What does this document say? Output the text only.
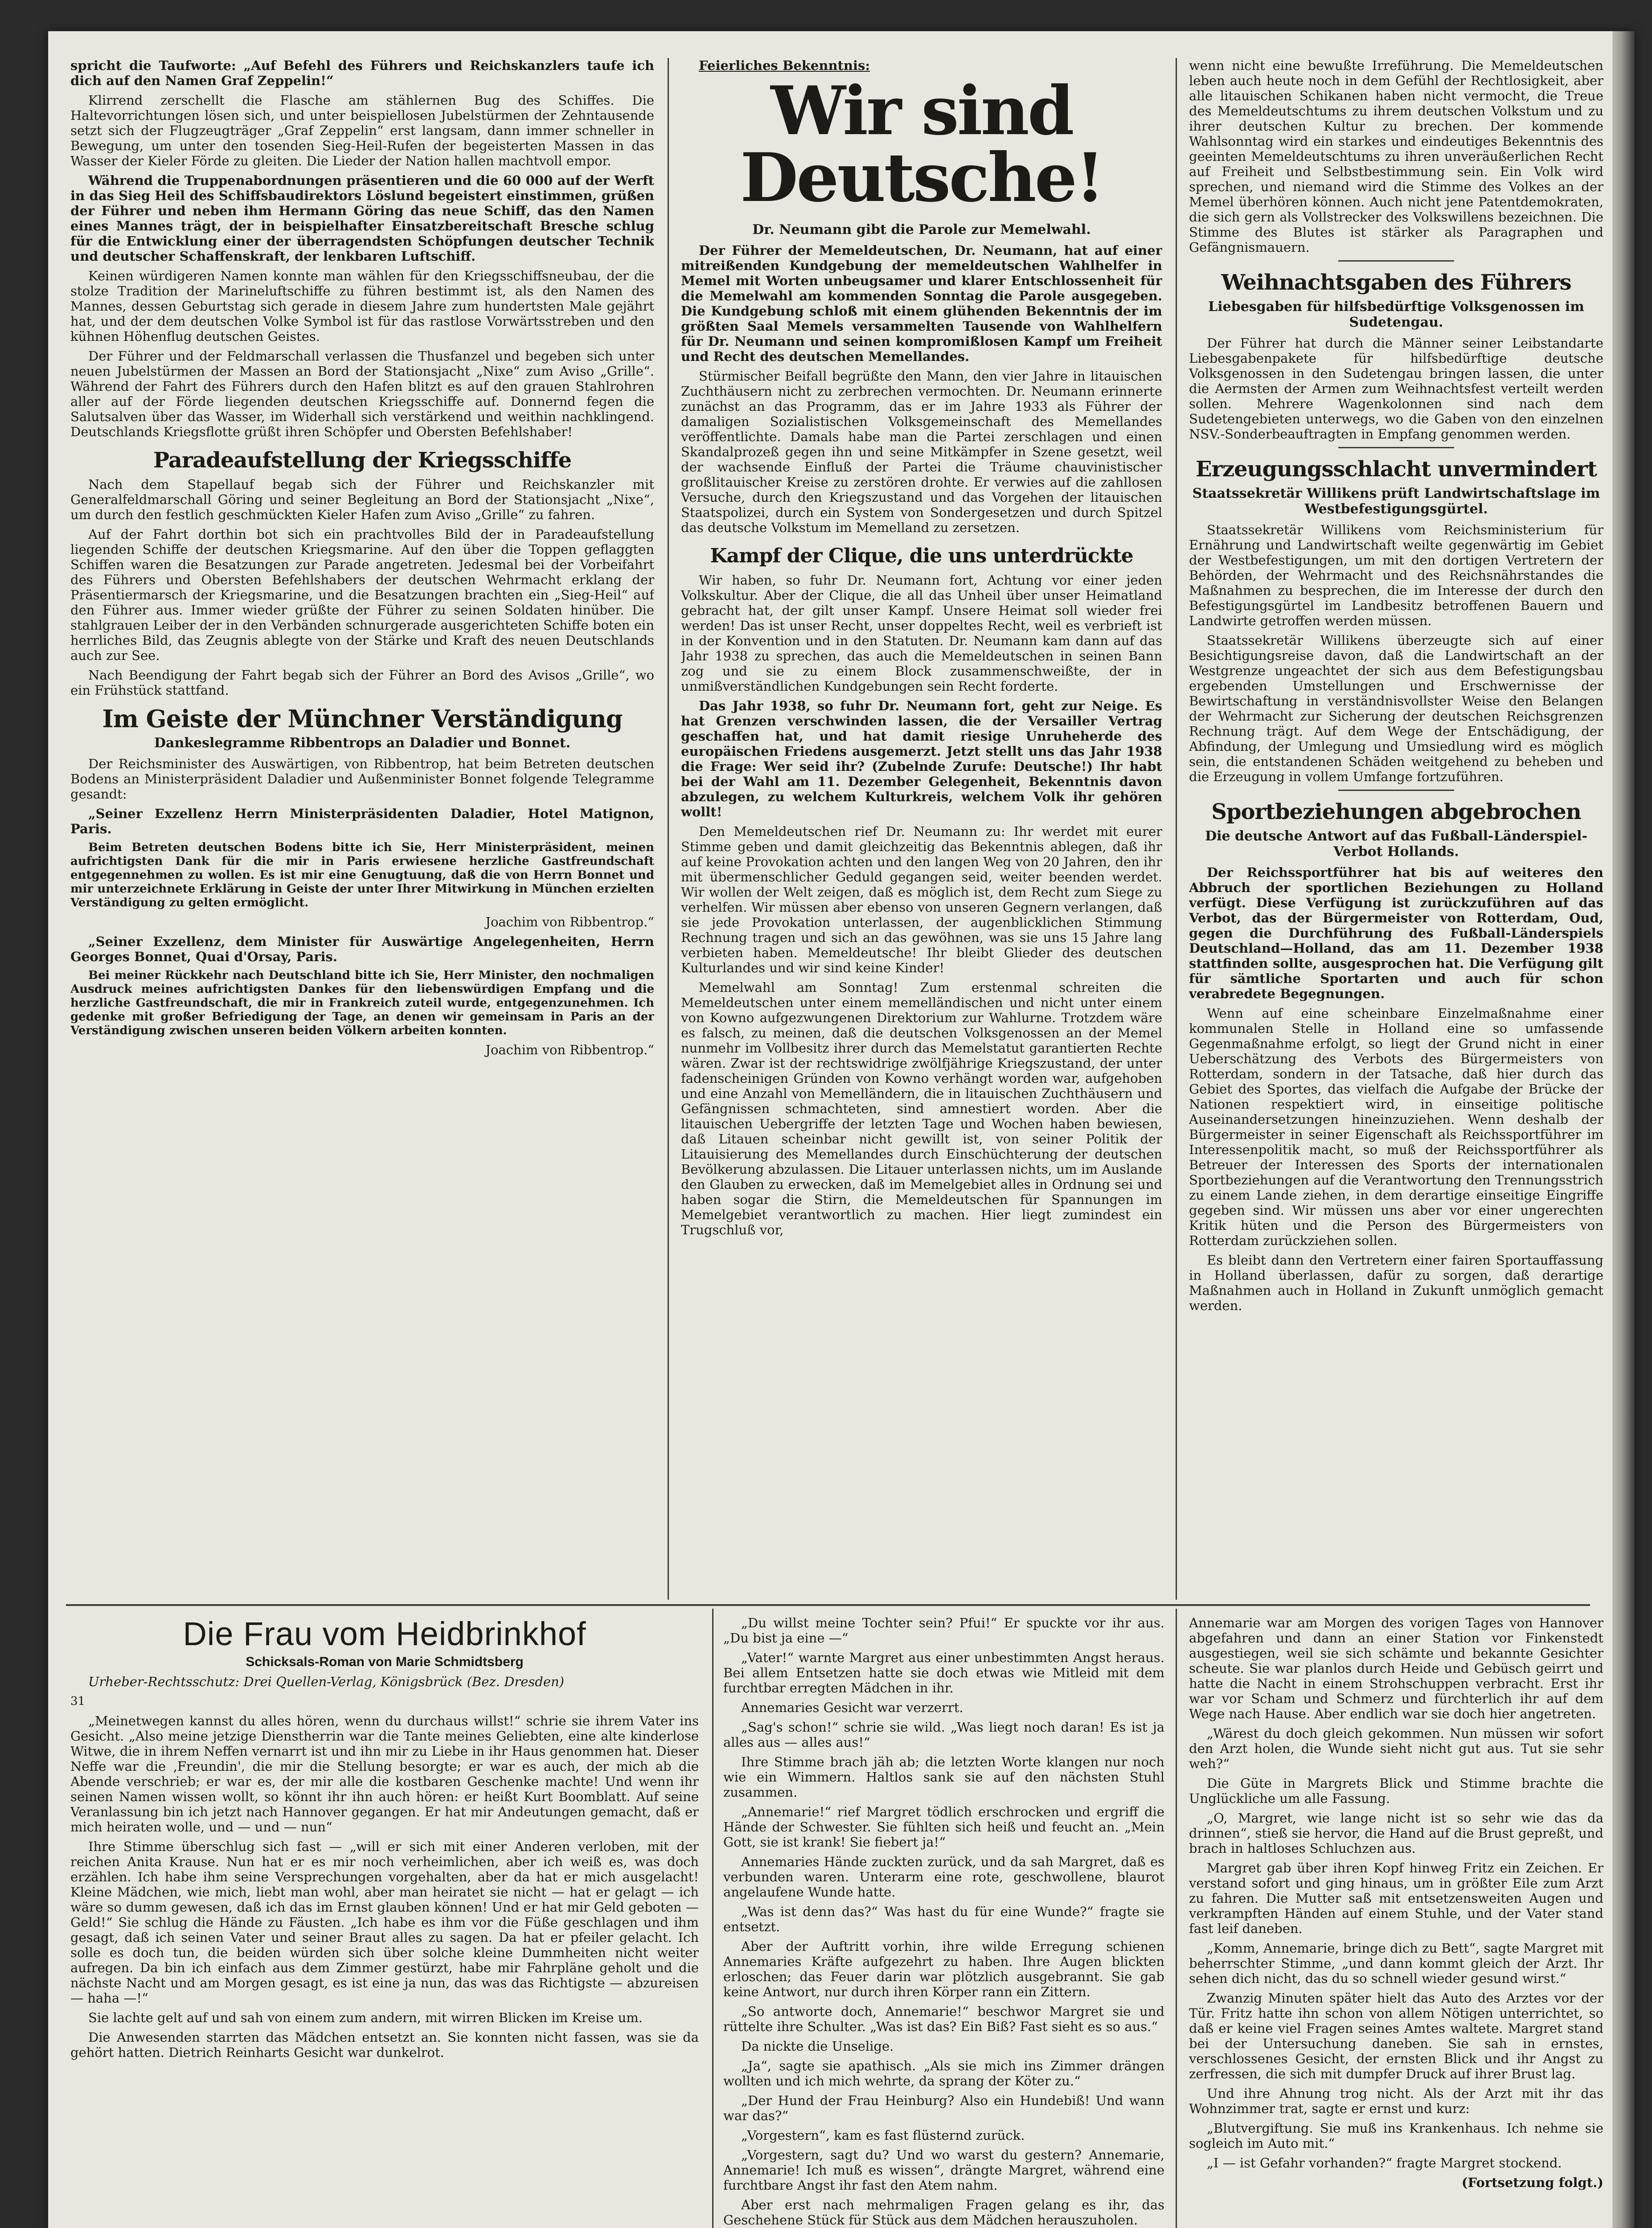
spricht die Taufworte: „Auf Befehl des Führers und Reichskanzlers taufe ich dich auf den Namen Graf Zeppelin!“

Klirrend zerschellt die Flasche am stählernen Bug des Schiffes. Die Haltevorrichtungen lösen sich, und unter beispiellosen Jubelstürmen der Zehntausende setzt sich der Flugzeugträger „Graf Zeppelin“ erst langsam, dann immer schneller in Bewegung, um unter den tosenden Sieg-Heil-Rufen der begeisterten Massen in das Wasser der Kieler Förde zu gleiten. Die Lieder der Nation hallen machtvoll empor.

Während die Truppenabordnungen präsentieren und die 60 000 auf der Werft in das Sieg Heil des Schiffsbaudirektors Löslund begeistert einstimmen, grüßen der Führer und neben ihm Hermann Göring das neue Schiff, das den Namen eines Mannes trägt, der in beispielhafter Einsatzbereitschaft Bresche schlug für die Entwicklung einer der überragendsten Schöpfungen deutscher Technik und deutscher Schaffenskraft, der lenkbaren Luftschiff.

Keinen würdigeren Namen konnte man wählen für den Kriegsschiffsneubau, der die stolze Tradition der Marineluftschiffe zu führen bestimmt ist, als den Namen des Mannes, dessen Geburtstag sich gerade in diesem Jahre zum hundertsten Male gejährt hat, und der dem deutschen Volke Symbol ist für das rastlose Vorwärtsstreben und den kühnen Höhenflug deutschen Geistes.

Der Führer und der Feldmarschall verlassen die Thusfanzel und begeben sich unter neuen Jubelstürmen der Massen an Bord der Stationsjacht „Nixe“ zum Aviso „Grille“. Während der Fahrt des Führers durch den Hafen blitzt es auf den grauen Stahlrohren aller auf der Förde liegenden deutschen Kriegsschiffe auf. Donnernd fegen die Salutsalven über das Wasser, im Widerhall sich verstärkend und weithin nachklingend. Deutschlands Kriegsflotte grüßt ihren Schöpfer und Obersten Befehlshaber!

Paradeaufstellung der Kriegsschiffe

Nach dem Stapellauf begab sich der Führer und Reichskanzler mit Generalfeldmarschall Göring und seiner Begleitung an Bord der Stationsjacht „Nixe“, um durch den festlich geschmückten Kieler Hafen zum Aviso „Grille“ zu fahren.

Auf der Fahrt dorthin bot sich ein prachtvolles Bild der in Paradeaufstellung liegenden Schiffe der deutschen Kriegsmarine. Auf den über die Toppen geflaggten Schiffen waren die Besatzungen zur Parade angetreten. Jedesmal bei der Vorbeifahrt des Führers und Obersten Befehlshabers der deutschen Wehrmacht erklang der Präsentiermarsch der Kriegsmarine, und die Besatzungen brachten ein „Sieg-Heil“ auf den Führer aus. Immer wieder grüßte der Führer zu seinen Soldaten hinüber. Die stahlgrauen Leiber der in den Verbänden schnurgerade ausgerichteten Schiffe boten ein herrliches Bild, das Zeugnis ablegte von der Stärke und Kraft des neuen Deutschlands auch zur See.

Nach Beendigung der Fahrt begab sich der Führer an Bord des Avisos „Grille“, wo ein Frühstück stattfand.

Im Geiste der Münchner Verständigung
Dankeslegramme Ribbentrops an Daladier und Bonnet.

Der Reichsminister des Auswärtigen, von Ribbentrop, hat beim Betreten deutschen Bodens an Ministerpräsident Daladier und Außenminister Bonnet folgende Telegramme gesandt:

„Seiner Exzellenz Herrn Ministerpräsidenten Daladier, Hotel Matignon, Paris.

Beim Betreten deutschen Bodens bitte ich Sie, Herr Ministerpräsident, meinen aufrichtigsten Dank für die mir in Paris erwiesene herzliche Gastfreundschaft entgegennehmen zu wollen. Es ist mir eine Genugtuung, daß die von Herrn Bonnet und mir unterzeichnete Erklärung in Geiste der unter Ihrer Mitwirkung in München erzielten Verständigung zu gelten ermöglicht.

Joachim von Ribbentrop.“

„Seiner Exzellenz, dem Minister für Auswärtige Angelegenheiten, Herrn Georges Bonnet, Quai d'Orsay, Paris.

Bei meiner Rückkehr nach Deutschland bitte ich Sie, Herr Minister, den nochmaligen Ausdruck meines aufrichtigsten Dankes für den liebenswürdigen Empfang und die herzliche Gastfreundschaft, die mir in Frankreich zuteil wurde, entgegenzunehmen. Ich gedenke mit großer Befriedigung der Tage, an denen wir gemeinsam in Paris an der Verständigung zwischen unseren beiden Völkern arbeiten konnten.

Joachim von Ribbentrop.“

Feierliches Bekenntnis:

Wir sind Deutsche!
Dr. Neumann gibt die Parole zur Memelwahl.

Der Führer der Memeldeutschen, Dr. Neumann, hat auf einer mitreißenden Kundgebung der memeldeutschen Wahlhelfer in Memel mit Worten unbeugsamer und klarer Entschlossenheit für die Memelwahl am kommenden Sonntag die Parole ausgegeben. Die Kundgebung schloß mit einem glühenden Bekenntnis der im größten Saal Memels versammelten Tausende von Wahlhelfern für Dr. Neumann und seinen kompromißlosen Kampf um Freiheit und Recht des deutschen Memellandes.

Stürmischer Beifall begrüßte den Mann, den vier Jahre in litauischen Zuchthäusern nicht zu zerbrechen vermochten. Dr. Neumann erinnerte zunächst an das Programm, das er im Jahre 1933 als Führer der damaligen Sozialistischen Volksgemeinschaft des Memellandes veröffentlichte. Damals habe man die Partei zerschlagen und einen Skandalprozeß gegen ihn und seine Mitkämpfer in Szene gesetzt, weil der wachsende Einfluß der Partei die Träume chauvinistischer großlitauischer Kreise zu zerstören drohte. Er verwies auf die zahllosen Versuche, durch den Kriegszustand und das Vorgehen der litauischen Staatspolizei, durch ein System von Sondergesetzen und durch Spitzel das deutsche Volkstum im Memelland zu zersetzen.

Kampf der Clique, die uns unterdrückte

Wir haben, so fuhr Dr. Neumann fort, Achtung vor einer jeden Volkskultur. Aber der Clique, die all das Unheil über unser Heimatland gebracht hat, der gilt unser Kampf. Unsere Heimat soll wieder frei werden! Das ist unser Recht, unser doppeltes Recht, weil es verbrieft ist in der Konvention und in den Statuten. Dr. Neumann kam dann auf das Jahr 1938 zu sprechen, das auch die Memeldeutschen in seinen Bann zog und sie zu einem Block zusammenschweißte, der in unmißverständlichen Kundgebungen sein Recht forderte.

Das Jahr 1938, so fuhr Dr. Neumann fort, geht zur Neige. Es hat Grenzen verschwinden lassen, die der Versailler Vertrag geschaffen hat, und hat damit riesige Unruheherde des europäischen Friedens ausgemerzt. Jetzt stellt uns das Jahr 1938 die Frage: Wer seid ihr? (Zubelnde Zurufe: Deutsche!) Ihr habt bei der Wahl am 11. Dezember Gelegenheit, Bekenntnis davon abzulegen, zu welchem Kulturkreis, welchem Volk ihr gehören wollt!

Den Memeldeutschen rief Dr. Neumann zu: Ihr werdet mit eurer Stimme geben und damit gleichzeitig das Bekenntnis ablegen, daß ihr auf keine Provokation achten und den langen Weg von 20 Jahren, den ihr mit übermenschlicher Geduld gegangen seid, weiter beenden werdet. Wir wollen der Welt zeigen, daß es möglich ist, dem Recht zum Siege zu verhelfen. Wir müssen aber ebenso von unseren Gegnern verlangen, daß sie jede Provokation unterlassen, der augenblicklichen Stimmung Rechnung tragen und sich an das gewöhnen, was sie uns 15 Jahre lang verbieten haben. Memeldeutsche! Ihr bleibt Glieder des deutschen Kulturlandes und wir sind keine Kinder!

Memelwahl am Sonntag! Zum erstenmal schreiten die Memeldeutschen unter einem memelländischen und nicht unter einem von Kowno aufgezwungenen Direktorium zur Wahlurne. Trotzdem wäre es falsch, zu meinen, daß die deutschen Volksgenossen an der Memel nunmehr im Vollbesitz ihrer durch das Memelstatut garantierten Rechte wären. Zwar ist der rechtswidrige zwölfjährige Kriegszustand, der unter fadenscheinigen Gründen von Kowno verhängt worden war, aufgehoben und eine Anzahl von Memelländern, die in litauischen Zuchthäusern und Gefängnissen schmachteten, sind amnestiert worden. Aber die litauischen Uebergriffe der letzten Tage und Wochen haben bewiesen, daß Litauen scheinbar nicht gewillt ist, von seiner Politik der Litauisierung des Memellandes durch Einschüchterung der deutschen Bevölkerung abzulassen. Die Litauer unterlassen nichts, um im Auslande den Glauben zu erwecken, daß im Memelgebiet alles in Ordnung sei und haben sogar die Stirn, die Memeldeutschen für Spannungen im Memelgebiet verantwortlich zu machen. Hier liegt zumindest ein Trugschluß vor,

wenn nicht eine bewußte Irreführung. Die Memeldeutschen leben auch heute noch in dem Gefühl der Rechtlosigkeit, aber alle litauischen Schikanen haben nicht vermocht, die Treue des Memeldeutschtums zu ihrem deutschen Volkstum und zu ihrer deutschen Kultur zu brechen. Der kommende Wahlsonntag wird ein starkes und eindeutiges Bekenntnis des geeinten Memeldeutschtums zu ihren unveräußerlichen Recht auf Freiheit und Selbstbestimmung sein. Ein Volk wird sprechen, und niemand wird die Stimme des Volkes an der Memel überhören können. Auch nicht jene Patentdemokraten, die sich gern als Vollstrecker des Volkswillens bezeichnen. Die Stimme des Blutes ist stärker als Paragraphen und Gefängnismauern.

Weihnachtsgaben des Führers
Liebesgaben für hilfsbedürftige Volksgenossen im Sudetengau.

Der Führer hat durch die Männer seiner Leibstandarte Liebesgabenpakete für hilfsbedürftige deutsche Volksgenossen in den Sudetengau bringen lassen, die unter die Aermsten der Armen zum Weihnachtsfest verteilt werden sollen. Mehrere Wagenkolonnen sind nach dem Sudetengebieten unterwegs, wo die Gaben von den einzelnen NSV.-Sonderbeauftragten in Empfang genommen werden.

Erzeugungsschlacht unvermindert
Staatssekretär Willikens prüft Landwirtschaftslage im Westbefestigungsgürtel.

Staatssekretär Willikens vom Reichsministerium für Ernährung und Landwirtschaft weilte gegenwärtig im Gebiet der Westbefestigungen, um mit den dortigen Vertretern der Behörden, der Wehrmacht und des Reichsnährstandes die Maßnahmen zu besprechen, die im Interesse der durch den Befestigungsgürtel im Landbesitz betroffenen Bauern und Landwirte getroffen werden müssen.

Staatssekretär Willikens überzeugte sich auf einer Besichtigungsreise davon, daß die Landwirtschaft an der Westgrenze ungeachtet der sich aus dem Befestigungsbau ergebenden Umstellungen und Erschwernisse der Bewirtschaftung in verständnisvollster Weise den Belangen der Wehrmacht zur Sicherung der deutschen Reichsgrenzen Rechnung trägt. Auf dem Wege der Entschädigung, der Abfindung, der Umlegung und Umsiedlung wird es möglich sein, die entstandenen Schäden weitgehend zu beheben und die Erzeugung in vollem Umfange fortzuführen.

Sportbeziehungen abgebrochen
Die deutsche Antwort auf das Fußball-Länderspiel-Verbot Hollands.

Der Reichssportführer hat bis auf weiteres den Abbruch der sportlichen Beziehungen zu Holland verfügt. Diese Verfügung ist zurückzuführen auf das Verbot, das der Bürgermeister von Rotterdam, Oud, gegen die Durchführung des Fußball-Länderspiels Deutschland—Holland, das am 11. Dezember 1938 stattfinden sollte, ausgesprochen hat. Die Verfügung gilt für sämtliche Sportarten und auch für schon verabredete Begegnungen.

Wenn auf eine scheinbare Einzelmaßnahme einer kommunalen Stelle in Holland eine so umfassende Gegenmaßnahme erfolgt, so liegt der Grund nicht in einer Ueberschätzung des Verbots des Bürgermeisters von Rotterdam, sondern in der Tatsache, daß hier durch das Gebiet des Sportes, das vielfach die Aufgabe der Brücke der Nationen respektiert wird, in einseitige politische Auseinandersetzungen hineinzuziehen. Wenn deshalb der Bürgermeister in seiner Eigenschaft als Reichssportführer im Interessenpolitik macht, so muß der Reichssportführer als Betreuer der Interessen des Sports der internationalen Sportbeziehungen auf die Verantwortung den Trennungsstrich zu einem Lande ziehen, in dem derartige einseitige Eingriffe gegeben sind. Wir müssen uns aber vor einer ungerechten Kritik hüten und die Person des Bürgermeisters von Rotterdam zurückziehen sollen.

Es bleibt dann den Vertretern einer fairen Sportauffassung in Holland überlassen, dafür zu sorgen, daß derartige Maßnahmen auch in Holland in Zukunft unmöglich gemacht werden.

Die Frau vom Heidbrinkhof
Schicksals-Roman von Marie Schmidtsberg

Urheber-Rechtsschutz: Drei Quellen-Verlag, Königsbrück (Bez. Dresden)

31

„Meinetwegen kannst du alles hören, wenn du durchaus willst!“ schrie sie ihrem Vater ins Gesicht. „Also meine jetzige Dienstherrin war die Tante meines Geliebten, eine alte kinderlose Witwe, die in ihrem Neffen vernarrt ist und ihn mir zu Liebe in ihr Haus genommen hat. Dieser Neffe war die ,Freundin', die mir die Stellung besorgte; er war es auch, der mich ab die Abende verschrieb; er war es, der mir alle die kostbaren Geschenke machte! Und wenn ihr seinen Namen wissen wollt, so könnt ihr ihn auch hören: er heißt Kurt Boomblatt. Auf seine Veranlassung bin ich jetzt nach Hannover gegangen. Er hat mir Andeutungen gemacht, daß er mich heiraten wolle, und — und — nun“

Ihre Stimme überschlug sich fast — „will er sich mit einer Anderen verloben, mit der reichen Anita Krause. Nun hat er es mir noch verheimlichen, aber ich weiß es, was doch erzählen. Ich habe ihm seine Versprechungen vorgehalten, aber da hat er mich ausgelacht! Kleine Mädchen, wie mich, liebt man wohl, aber man heiratet sie nicht — hat er gelagt — ich wäre so dumm gewesen, daß ich das im Ernst glauben können! Und er hat mir Geld geboten — Geld!“ Sie schlug die Hände zu Fäusten. „Ich habe es ihm vor die Füße geschlagen und ihm gesagt, daß ich seinen Vater und seiner Braut alles zu sagen. Da hat er pfeiler gelacht. Ich solle es doch tun, die beiden würden sich über solche kleine Dummheiten nicht weiter aufregen. Da bin ich einfach aus dem Zimmer gestürzt, habe mir Fahrpläne geholt und die nächste Nacht und am Morgen gesagt, es ist eine ja nun, das was das Richtigste — abzureisen — haha —!“

Sie lachte gelt auf und sah von einem zum andern, mit wirren Blicken im Kreise um.

Die Anwesenden starrten das Mädchen entsetzt an. Sie konnten nicht fassen, was sie da gehört hatten. Dietrich Reinharts Gesicht war dunkelrot.

„Du willst meine Tochter sein? Pfui!“ Er spuckte vor ihr aus. „Du bist ja eine —“

„Vater!“ warnte Margret aus einer unbestimmten Angst heraus. Bei allem Entsetzen hatte sie doch etwas wie Mitleid mit dem furchtbar erregten Mädchen in ihr.

Annemaries Gesicht war verzerrt.

„Sag's schon!“ schrie sie wild. „Was liegt noch daran! Es ist ja alles aus — alles aus!“

Ihre Stimme brach jäh ab; die letzten Worte klangen nur noch wie ein Wimmern. Haltlos sank sie auf den nächsten Stuhl zusammen.

„Annemarie!“ rief Margret tödlich erschrocken und ergriff die Hände der Schwester. Sie fühlten sich heiß und feucht an. „Mein Gott, sie ist krank! Sie fiebert ja!“

Annemaries Hände zuckten zurück, und da sah Margret, daß es verbunden waren. Unterarm eine rote, geschwollene, blaurot angelaufene Wunde hatte.

„Was ist denn das?“ Was hast du für eine Wunde?“ fragte sie entsetzt.

Aber der Auftritt vorhin, ihre wilde Erregung schienen Annemaries Kräfte aufgezehrt zu haben. Ihre Augen blickten erloschen; das Feuer darin war plötzlich ausgebrannt. Sie gab keine Antwort, nur durch ihren Körper rann ein Zittern.

„So antworte doch, Annemarie!“ beschwor Margret sie und rüttelte ihre Schulter. „Was ist das? Ein Biß? Fast sieht es so aus.“

Da nickte die Unselige.

„Ja“, sagte sie apathisch. „Als sie mich ins Zimmer drängen wollten und ich mich wehrte, da sprang der Köter zu.“

„Der Hund der Frau Heinburg? Also ein Hundebiß! Und wann war das?“

„Vorgestern“, kam es fast flüsternd zurück.

„Vorgestern, sagt du? Und wo warst du gestern? Annemarie, Annemarie! Ich muß es wissen“, drängte Margret, während eine furchtbare Angst ihr fast den Atem nahm.

Aber erst nach mehrmaligen Fragen gelang es ihr, das Geschehene Stück für Stück aus dem Mädchen herauszuholen.

Annemarie war am Morgen des vorigen Tages von Hannover abgefahren und dann an einer Station vor Finkenstedt ausgestiegen, weil sie sich schämte und bekannte Gesichter scheute. Sie war planlos durch Heide und Gebüsch geirrt und hatte die Nacht in einem Strohschuppen verbracht. Erst ihr war vor Scham und Schmerz und fürchterlich ihr auf dem Wege nach Hause. Aber endlich war sie doch hier angetreten.

„Wärest du doch gleich gekommen. Nun müssen wir sofort den Arzt holen, die Wunde sieht nicht gut aus. Tut sie sehr weh?“

Die Güte in Margrets Blick und Stimme brachte die Unglückliche um alle Fassung.

„O, Margret, wie lange nicht ist so sehr wie das da drinnen“, stieß sie hervor, die Hand auf die Brust gepreßt, und brach in haltloses Schluchzen aus.

Margret gab über ihren Kopf hinweg Fritz ein Zeichen. Er verstand sofort und ging hinaus, um in größter Eile zum Arzt zu fahren. Die Mutter saß mit entsetzensweiten Augen und verkrampften Händen auf einem Stuhle, und der Vater stand fast leif daneben.

„Komm, Annemarie, bringe dich zu Bett“, sagte Margret mit beherrschter Stimme, „und dann kommt gleich der Arzt. Ihr sehen dich nicht, das du so schnell wieder gesund wirst.“

Zwanzig Minuten später hielt das Auto des Arztes vor der Tür. Fritz hatte ihn schon von allem Nötigen unterrichtet, so daß er keine viel Fragen seines Amtes waltete. Margret stand bei der Untersuchung daneben. Sie sah in ernstes, verschlossenes Gesicht, der ernsten Blick und ihr Angst zu zerfressen, die sich mit dumpfer Druck auf ihrer Brust lag.

Und ihre Ahnung trog nicht. Als der Arzt mit ihr das Wohnzimmer trat, sagte er ernst und kurz:

„Blutvergiftung. Sie muß ins Krankenhaus. Ich nehme sie sogleich im Auto mit.“

„I — ist Gefahr vorhanden?“ fragte Margret stockend.

(Fortsetzung folgt.)
